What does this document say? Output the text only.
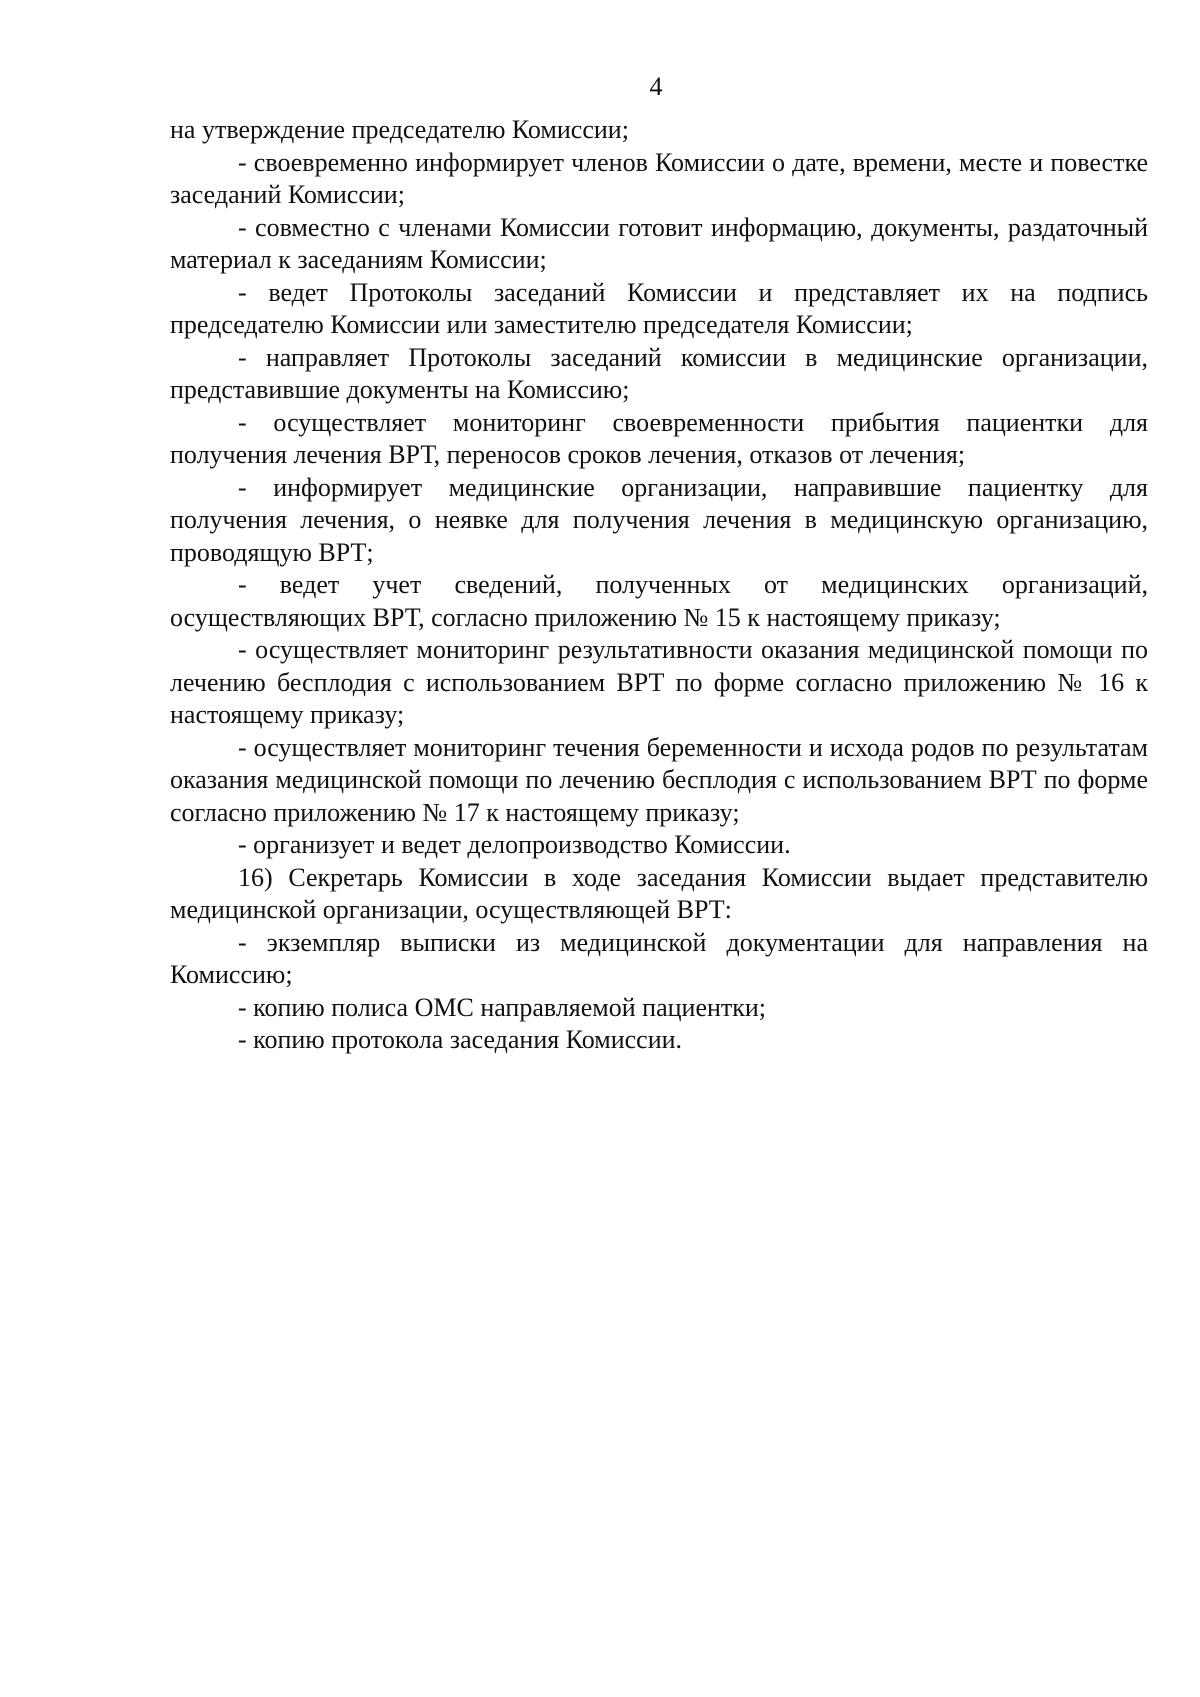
4

на утверждение председателю Комиссии;

- своевременно информирует членов Комиссии о дате, времени, месте и повестке заседаний Комиссии;

- совместно с членами Комиссии готовит информацию, документы, раздаточный материал к заседаниям Комиссии;

- ведет Протоколы заседаний Комиссии и представляет их на подпись председателю Комиссии или заместителю председателя Комиссии;

- направляет Протоколы заседаний комиссии в медицинские организации, представившие документы на Комиссию;

- осуществляет мониторинг своевременности прибытия пациентки для получения лечения ВРТ, переносов сроков лечения, отказов от лечения;

- информирует медицинские организации, направившие пациентку для получения лечения, о неявке для получения лечения в медицинскую организацию, проводящую ВРТ;

- ведет учет сведений, полученных от медицинских организаций, осуществляющих ВРТ, согласно приложению № 15 к настоящему приказу;

- осуществляет мониторинг результативности оказания медицинской помощи по лечению бесплодия с использованием ВРТ по форме согласно приложению № 16 к настоящему приказу;

- осуществляет мониторинг течения беременности и исхода родов по результатам оказания медицинской помощи по лечению бесплодия с использованием ВРТ по форме согласно приложению № 17 к настоящему приказу;

- организует и ведет делопроизводство Комиссии.

16) Секретарь Комиссии в ходе заседания Комиссии выдает представителю медицинской организации, осуществляющей ВРТ:

- экземпляр выписки из медицинской документации для направления на Комиссию;

- копию полиса ОМС направляемой пациентки;

- копию протокола заседания Комиссии.
